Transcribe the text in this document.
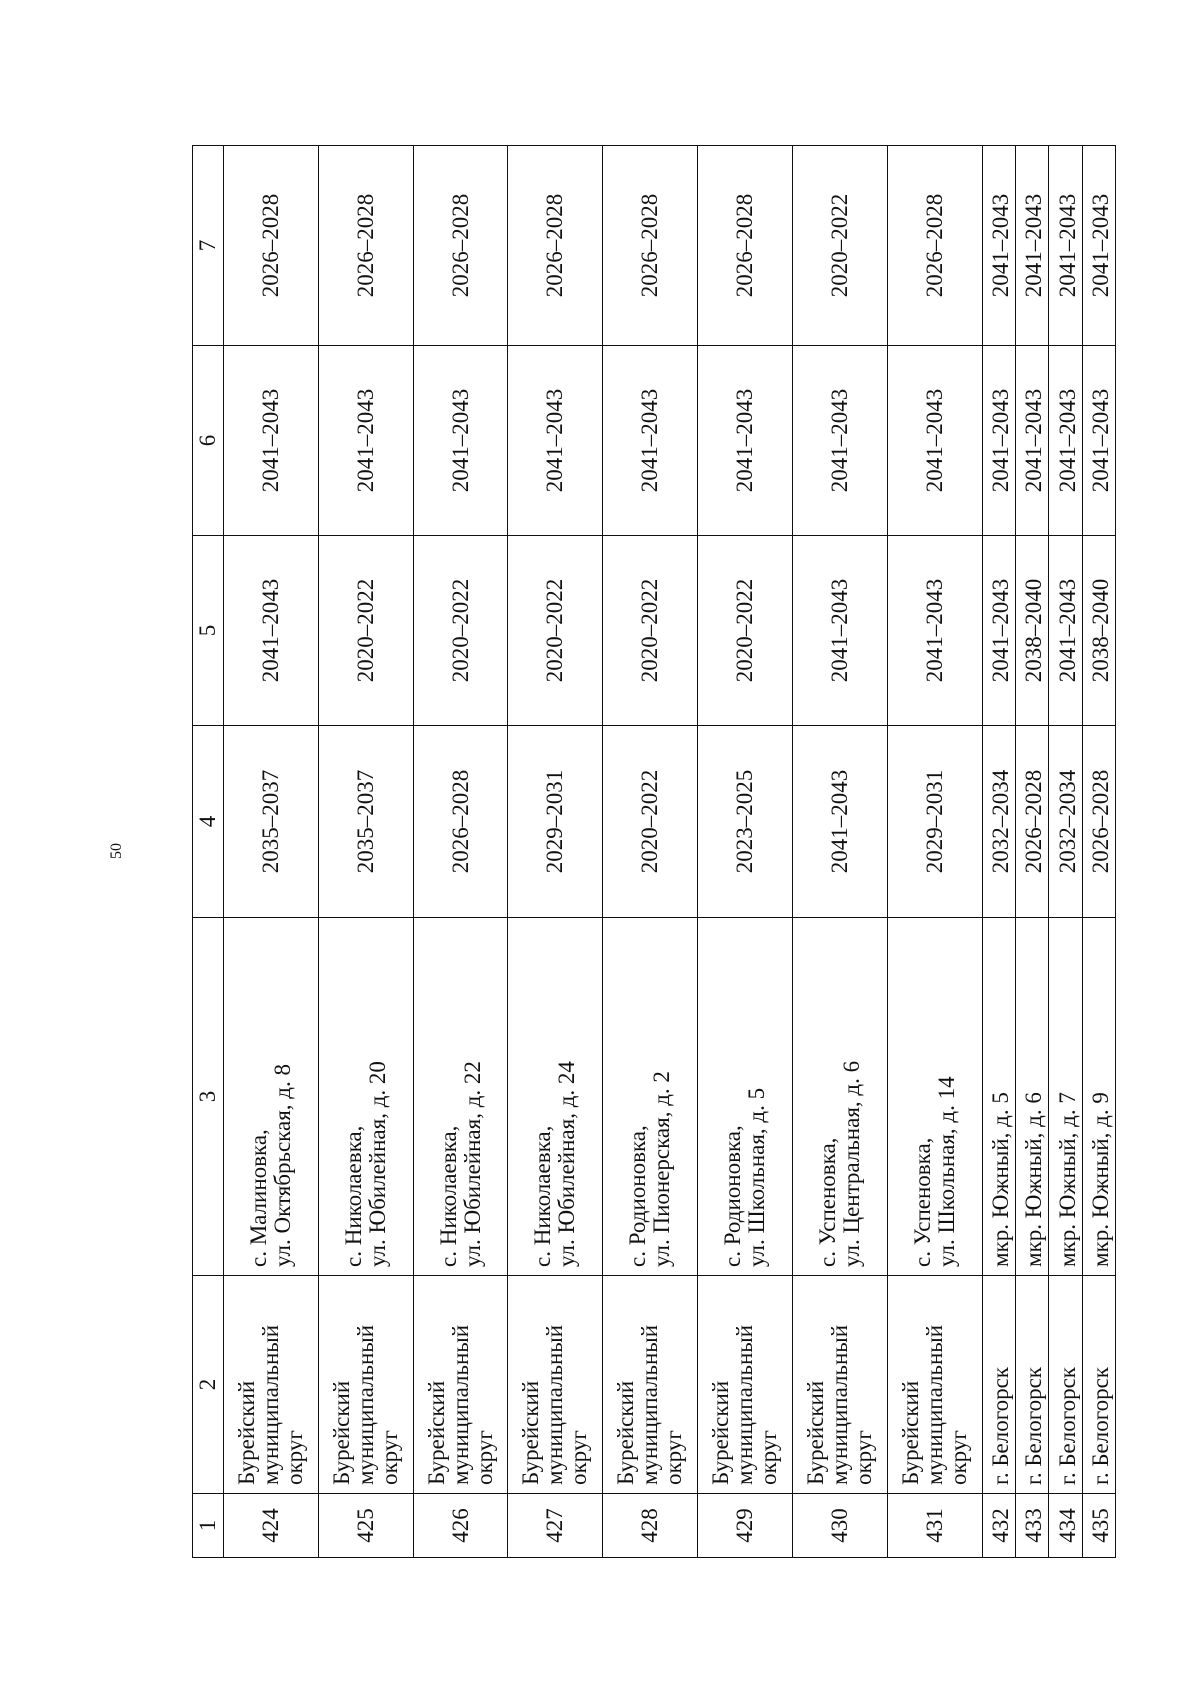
50
1	2	3	4	5	6	7
424	Бурейский муниципальный округ	с. Малиновка, ул. Октябрьская, д. 8	2035–2037	2041–2043	2041–2043	2026–2028
425	Бурейский муниципальный округ	с. Николаевка, ул. Юбилейная, д. 20	2035–2037	2020–2022	2041–2043	2026–2028
426	Бурейский муниципальный округ	с. Николаевка, ул. Юбилейная, д. 22	2026–2028	2020–2022	2041–2043	2026–2028
427	Бурейский муниципальный округ	с. Николаевка, ул. Юбилейная, д. 24	2029–2031	2020–2022	2041–2043	2026–2028
428	Бурейский муниципальный округ	с. Родионовка, ул. Пионерская, д. 2	2020–2022	2020–2022	2041–2043	2026–2028
429	Бурейский муниципальный округ	с. Родионовка, ул. Школьная, д. 5	2023–2025	2020–2022	2041–2043	2026–2028
430	Бурейский муниципальный округ	с. Успеновка, ул. Центральная, д. 6	2041–2043	2041–2043	2041–2043	2020–2022
431	Бурейский муниципальный округ	с. Успеновка, ул. Школьная, д. 14	2029–2031	2041–2043	2041–2043	2026–2028
432	г. Белогорск	мкр. Южный, д. 5	2032–2034	2041–2043	2041–2043	2041–2043
433	г. Белогорск	мкр. Южный, д. 6	2026–2028	2038–2040	2041–2043	2041–2043
434	г. Белогорск	мкр. Южный, д. 7	2032–2034	2041–2043	2041–2043	2041–2043
435	г. Белогорск	мкр. Южный, д. 9	2026–2028	2038–2040	2041–2043	2041–2043
